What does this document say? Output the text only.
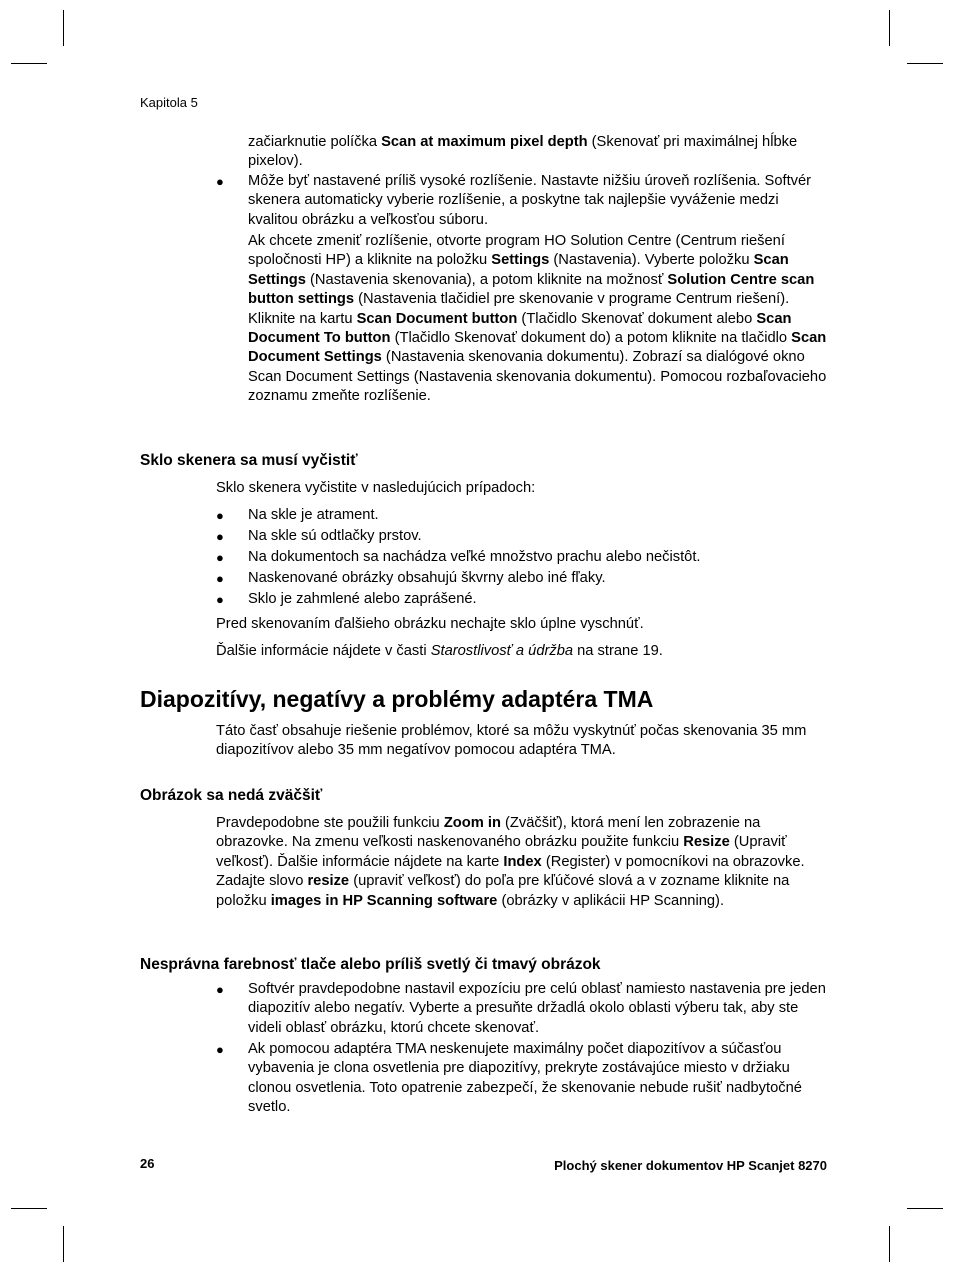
Kapitola 5

začiarknutie políčka Scan at maximum pixel depth (Skenovať pri maximálnej hĺbke pixelov).

● Môže byť nastavené príliš vysoké rozlíšenie. Nastavte nižšiu úroveň rozlíšenia. Softvér skenera automaticky vyberie rozlíšenie, a poskytne tak najlepšie vyváženie medzi kvalitou obrázku a veľkosťou súboru.

Ak chcete zmeniť rozlíšenie, otvorte program HO Solution Centre (Centrum riešení spoločnosti HP) a kliknite na položku Settings (Nastavenia). Vyberte položku Scan Settings (Nastavenia skenovania), a potom kliknite na možnosť Solution Centre scan button settings (Nastavenia tlačidiel pre skenovanie v programe Centrum riešení). Kliknite na kartu Scan Document button (Tlačidlo Skenovať dokument alebo Scan Document To button (Tlačidlo Skenovať dokument do) a potom kliknite na tlačidlo Scan Document Settings (Nastavenia skenovania dokumentu). Zobrazí sa dialógové okno Scan Document Settings (Nastavenia skenovania dokumentu). Pomocou rozbaľovacieho zoznamu zmeňte rozlíšenie.

Sklo skenera sa musí vyčistiť

Sklo skenera vyčistite v nasledujúcich prípadoch:

● Na skle je atrament.

● Na skle sú odtlačky prstov.

● Na dokumentoch sa nachádza veľké množstvo prachu alebo nečistôt.

● Naskenované obrázky obsahujú škvrny alebo iné fľaky.

● Sklo je zahmlené alebo zaprášené.

Pred skenovaním ďalšieho obrázku nechajte sklo úplne vyschnúť.

Ďalšie informácie nájdete v časti Starostlivosť a údržba na strane 19.

Diapozitívy, negatívy a problémy adaptéra TMA

Táto časť obsahuje riešenie problémov, ktoré sa môžu vyskytnúť počas skenovania 35 mm diapozitívov alebo 35 mm negatívov pomocou adaptéra TMA.

Obrázok sa nedá zväčšiť

Pravdepodobne ste použili funkciu Zoom in (Zväčšiť), ktorá mení len zobrazenie na obrazovke. Na zmenu veľkosti naskenovaného obrázku použite funkciu Resize (Upraviť veľkosť). Ďalšie informácie nájdete na karte Index (Register) v pomocníkovi na obrazovke. Zadajte slovo resize (upraviť veľkosť) do poľa pre kľúčové slová a v zozname kliknite na položku images in HP Scanning software (obrázky v aplikácii HP Scanning).

Nesprávna farebnosť tlače alebo príliš svetlý či tmavý obrázok
● Softvér pravdepodobne nastavil expozíciu pre celú oblasť namiesto nastavenia pre jeden diapozitív alebo negatív. Vyberte a presuňte držadlá okolo oblasti výberu tak, aby ste videli oblasť obrázku, ktorú chcete skenovať.

● Ak pomocou adaptéra TMA neskenujete maximálny počet diapozitívov a súčasťou vybavenia je clona osvetlenia pre diapozitívy, prekryte zostávajúce miesto v držiaku clonou osvetlenia. Toto opatrenie zabezpečí, že skenovanie nebude rušiť nadbytočné svetlo.

26	Plochý skener dokumentov HP Scanjet 8270
